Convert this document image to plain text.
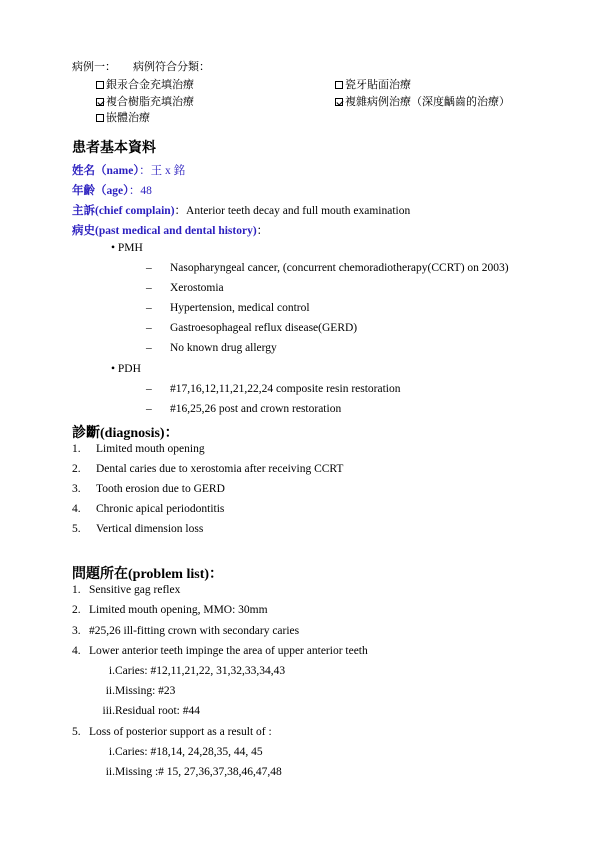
病例一： 病例符合分類：
銀汞合金充填治療	瓷牙貼面治療
複合樹脂充填治療	複雜病例治療（深度齲齒的治療）
嵌體治療
患者基本資料
姓名（name）：王 x 銘
年齡（age）：48
主訴(chief complain)：Anterior teeth decay and full mouth examination
病史(past medical and dental history)：
• PMH
– Nasopharyngeal cancer, (concurrent chemoradiotherapy(CCRT) on 2003)
– Xerostomia
– Hypertension, medical control
– Gastroesophageal reflux disease(GERD)
– No known drug allergy
• PDH
– #17,16,12,11,21,22,24 composite resin restoration
– #16,25,26 post and crown restoration
診斷(diagnosis)：
1. Limited mouth opening
2. Dental caries due to xerostomia after receiving CCRT
3. Tooth erosion due to GERD
4. Chronic apical periodontitis
5. Vertical dimension loss
問題所在(problem list)：
1. Sensitive gag reflex
2. Limited mouth opening, MMO: 30mm
3. #25,26 ill-fitting crown with secondary caries
4. Lower anterior teeth impinge the area of upper anterior teeth
i.Caries: #12,11,21,22, 31,32,33,34,43
ii.Missing: #23
iii.Residual root: #44
5. Loss of posterior support as a result of :
i.Caries: #18,14, 24,28,35, 44, 45
ii.Missing :# 15, 27,36,37,38,46,47,48
